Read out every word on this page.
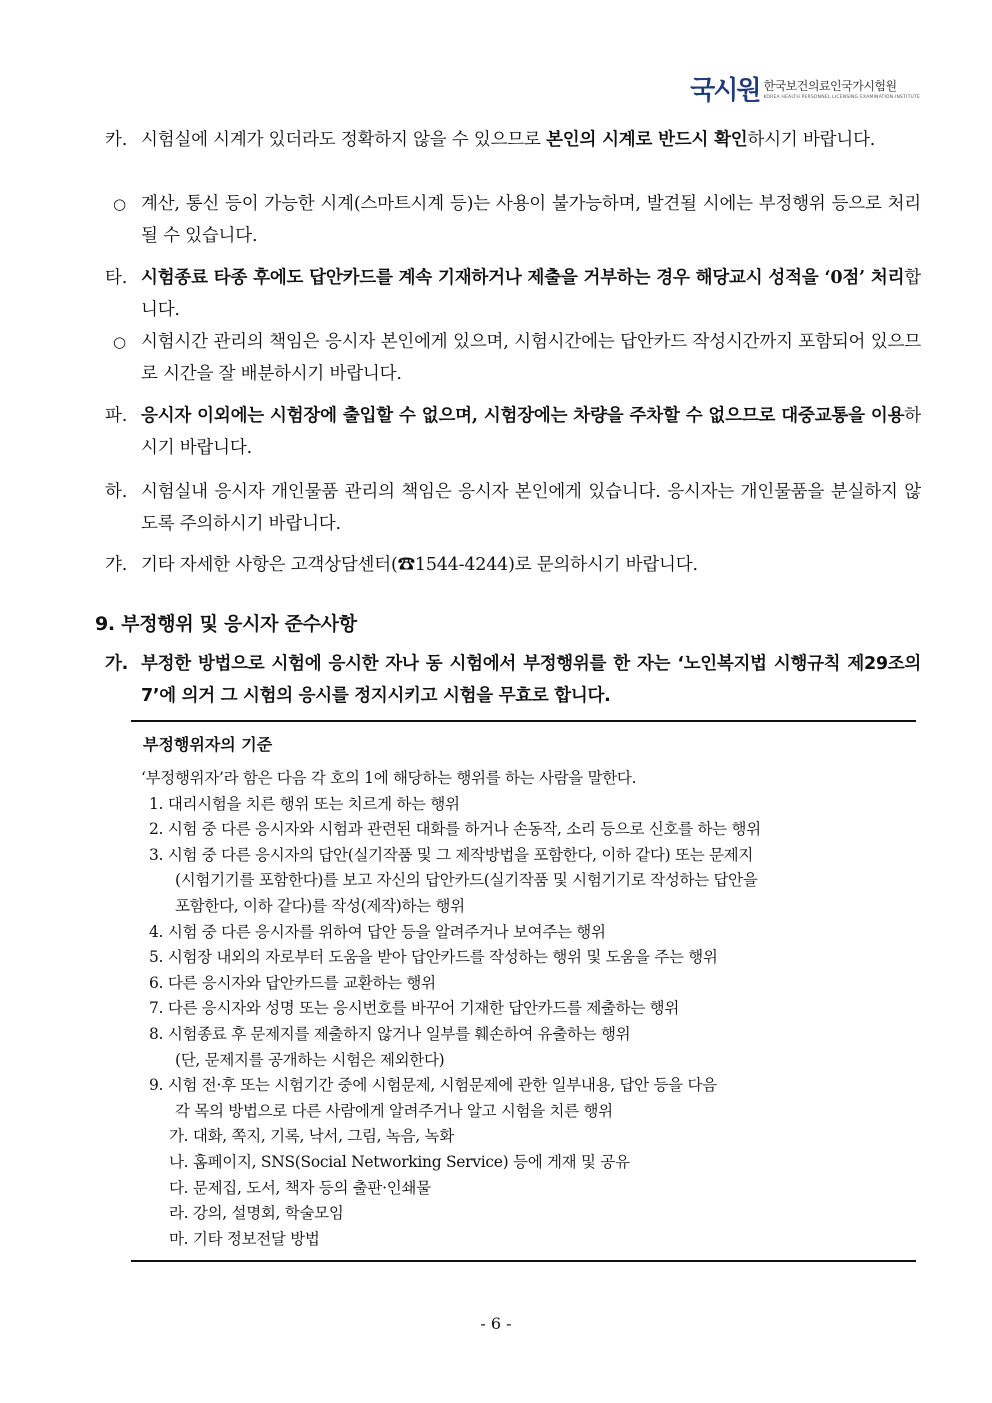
국시원 한국보건의료인국가시험원
KOREA HEALTH PERSONNEL LICENSING EXAMINATION INSTITUTE
카. 시험실에 시계가 있더라도 정확하지 않을 수 있으므로 본인의 시계로 반드시 확인하시기 바랍니다.
○ 계산, 통신 등이 가능한 시계(스마트시계 등)는 사용이 불가능하며, 발견될 시에는 부정행위 등으로 처리될 수 있습니다.
타. 시험종료 타종 후에도 답안카드를 계속 기재하거나 제출을 거부하는 경우 해당교시 성적을 ‘0점’ 처리합니다.
○ 시험시간 관리의 책임은 응시자 본인에게 있으며, 시험시간에는 답안카드 작성시간까지 포함되어 있으므로 시간을 잘 배분하시기 바랍니다.
파. 응시자 이외에는 시험장에 출입할 수 없으며, 시험장에는 차량을 주차할 수 없으므로 대중교통을 이용하시기 바랍니다.
하. 시험실내 응시자 개인물품 관리의 책임은 응시자 본인에게 있습니다. 응시자는 개인물품을 분실하지 않도록 주의하시기 바랍니다.
갸. 기타 자세한 사항은 고객상담센터(☎1544-4244)로 문의하시기 바랍니다.
9. 부정행위 및 응시자 준수사항
가. 부정한 방법으로 시험에 응시한 자나 동 시험에서 부정행위를 한 자는 ‘노인복지법 시행규칙 제29조의7’에 의거 그 시험의 응시를 정지시키고 시험을 무효로 합니다.
부정행위자의 기준
‘부정행위자’라 함은 다음 각 호의 1에 해당하는 행위를 하는 사람을 말한다.
1. 대리시험을 치른 행위 또는 치르게 하는 행위
2. 시험 중 다른 응시자와 시험과 관련된 대화를 하거나 손동작, 소리 등으로 신호를 하는 행위
3. 시험 중 다른 응시자의 답안(실기작품 및 그 제작방법을 포함한다, 이하 같다) 또는 문제지
(시험기기를 포함한다)를 보고 자신의 답안카드(실기작품 및 시험기기로 작성하는 답안을
포함한다, 이하 같다)를 작성(제작)하는 행위
4. 시험 중 다른 응시자를 위하여 답안 등을 알려주거나 보여주는 행위
5. 시험장 내외의 자로부터 도움을 받아 답안카드를 작성하는 행위 및 도움을 주는 행위
6. 다른 응시자와 답안카드를 교환하는 행위
7. 다른 응시자와 성명 또는 응시번호를 바꾸어 기재한 답안카드를 제출하는 행위
8. 시험종료 후 문제지를 제출하지 않거나 일부를 훼손하여 유출하는 행위
(단, 문제지를 공개하는 시험은 제외한다)
9. 시험 전·후 또는 시험기간 중에 시험문제, 시험문제에 관한 일부내용, 답안 등을 다음
각 목의 방법으로 다른 사람에게 알려주거나 알고 시험을 치른 행위
가. 대화, 쪽지, 기록, 낙서, 그림, 녹음, 녹화
나. 홈페이지, SNS(Social Networking Service) 등에 게재 및 공유
다. 문제집, 도서, 책자 등의 출판·인쇄물
라. 강의, 설명회, 학술모임
마. 기타 정보전달 방법
- 6 -
